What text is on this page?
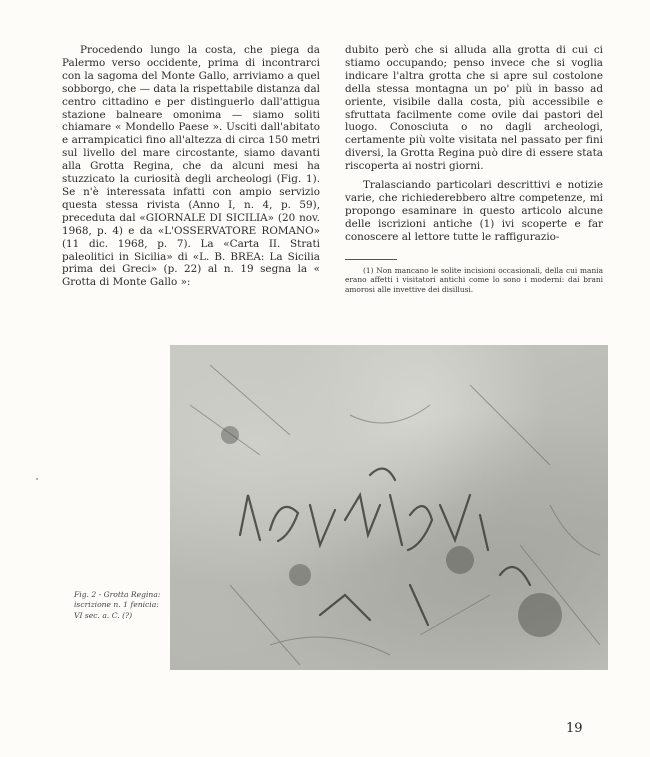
Procedendo lungo la costa, che piega da Palermo verso occidente, prima di incontrarci con la sagoma del Monte Gallo, arriviamo a quel sobborgo, che — data la rispettabile distanza dal centro cittadino e per distinguerlo dall'attigua stazione balneare omonima — siamo soliti chiamare « Mondello Paese ». Usciti dall'abitato e arrampicatici fino all'altezza di circa 150 metri sul livello del mare circostante, siamo davanti alla Grotta Regina, che da alcuni mesi ha stuzzicato la curiosità degli archeologi (Fig. 1). Se n'è interessata infatti con ampio servizio questa stessa rivista (Anno I, n. 4, p. 59), preceduta dal «GIORNALE DI SICILIA» (20 nov. 1968, p. 4) e da «L'OSSERVATORE ROMANO» (11 dic. 1968, p. 7). La «Carta II. Strati paleolitici in Sicilia» di «L. B. BREA: La Sicilia prima dei Greci» (p. 22) al n. 19 segna la « Grotta di Monte Gallo »:

dubito però che si alluda alla grotta di cui ci stiamo occupando; penso invece che si voglia indicare l'altra grotta che si apre sul costolone della stessa montagna un po' più in basso ad oriente, visibile dalla costa, più accessibile e sfruttata facilmente come ovile dai pastori del luogo. Conosciuta o no dagli archeologi, certamente più volte visitata nel passato per fini diversi, la Grotta Regina può dire di essere stata riscoperta ai nostri giorni.

Tralasciando particolari descrittivi e notizie varie, che richiederebbero altre competenze, mi propongo esaminare in questo articolo alcune delle iscrizioni antiche (1) ivi scoperte e far conoscere al lettore tutte le raffigurazio-

(1) Non mancano le solite incisioni occasionali, della cui mania erano affetti i visitatori antichi come lo sono i moderni: dai brani amorosi alle invettive dei disillusi.

Fig. 2 - Grotta Regina:
iscrizione n. 1 fenicia:
VI sec. a. C. (?)

19
